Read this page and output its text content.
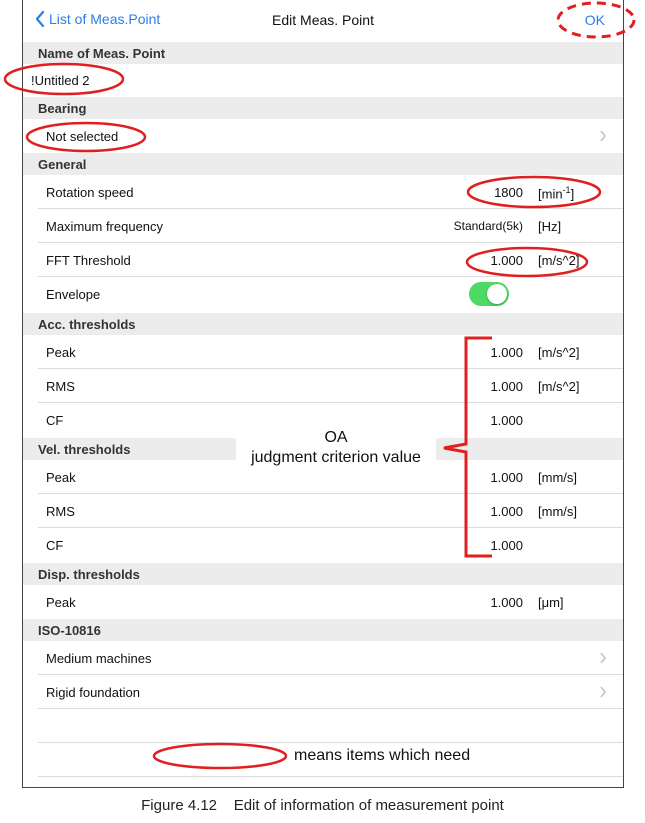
List of Meas.Point	Edit Meas. Point	OK
Name of Meas. Point
!Untitled 2
Bearing
Not selected
General
Rotation speed	1800 $[\min^{-1}]$
Maximum frequency	Standard(5k) [Hz]
FFT Threshold	1.000 [m/s^2]
Envelope
Acc. thresholds
Peak	1.000 [m/s^2]
RMS	1.000 [m/s^2]
CF	1.000
Vel. thresholds
Peak	1.000 [mm/s]
RMS	1.000 [mm/s]
CF	1.000
Disp. thresholds
Peak	1.000 [μm]
ISO-10816
Medium machines
Rigid foundation
OA
judgment criterion value
means items which need
Figure 4.12 Edit of information of measurement point
